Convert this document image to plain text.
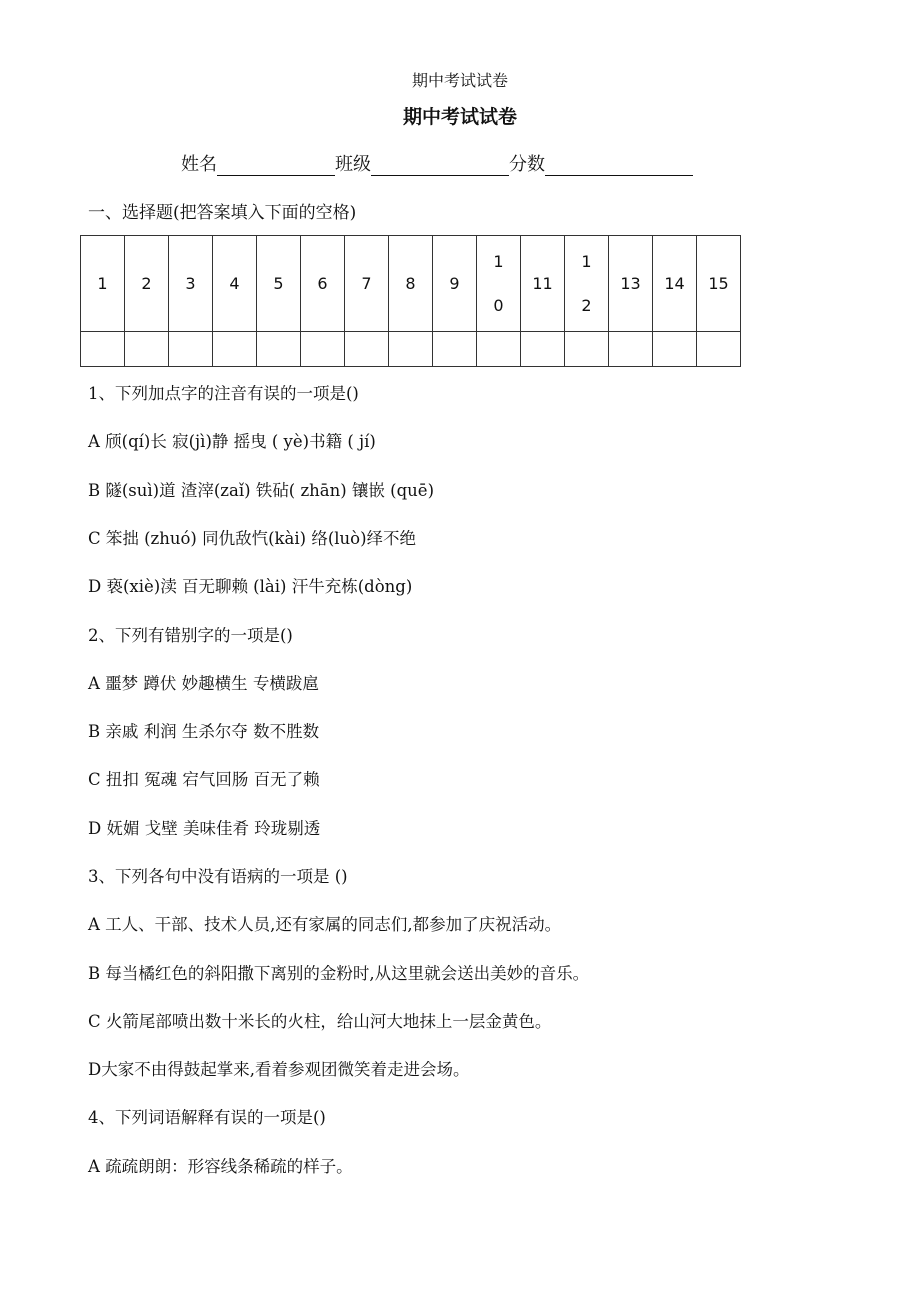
期中考试试卷
期中考试试卷
姓名	班级	分数
一、选择题(把答案填入下面的空格)
1	2	3	4	5	6	7	8	9	10	11	12	13	14	15

1、下列加点字的注音有误的一项是()
A 颀(qí)长 寂(jì)静 摇曳 ( yè)书籍 ( jí)
B 隧(suì)道 渣滓(zaǐ) 铁砧( zhān) 镶嵌 (quē)
C 笨拙 (zhuó) 同仇敌忾(kài) 络(luò)绎不绝
D 亵(xiè)渎 百无聊赖 (lài) 汗牛充栋(dòng)
2、下列有错别字的一项是()
A 噩梦 蹲伏 妙趣横生 专横跋扈
B 亲戚 利润 生杀尔夺 数不胜数
C 扭扣 冤魂 宕气回肠 百无了赖
D 妩媚 戈壁 美味佳肴 玲珑剔透
3、下列各句中没有语病的一项是 ()
A 工人、干部、技术人员,还有家属的同志们,都参加了庆祝活动。
B 每当橘红色的斜阳撒下离别的金粉时,从这里就会送出美妙的音乐。
C 火箭尾部喷出数十米长的火柱，给山河大地抹上一层金黄色。
D大家不由得鼓起掌来,看着参观团微笑着走进会场。
4、下列词语解释有误的一项是()
A 疏疏朗朗：形容线条稀疏的样子。
